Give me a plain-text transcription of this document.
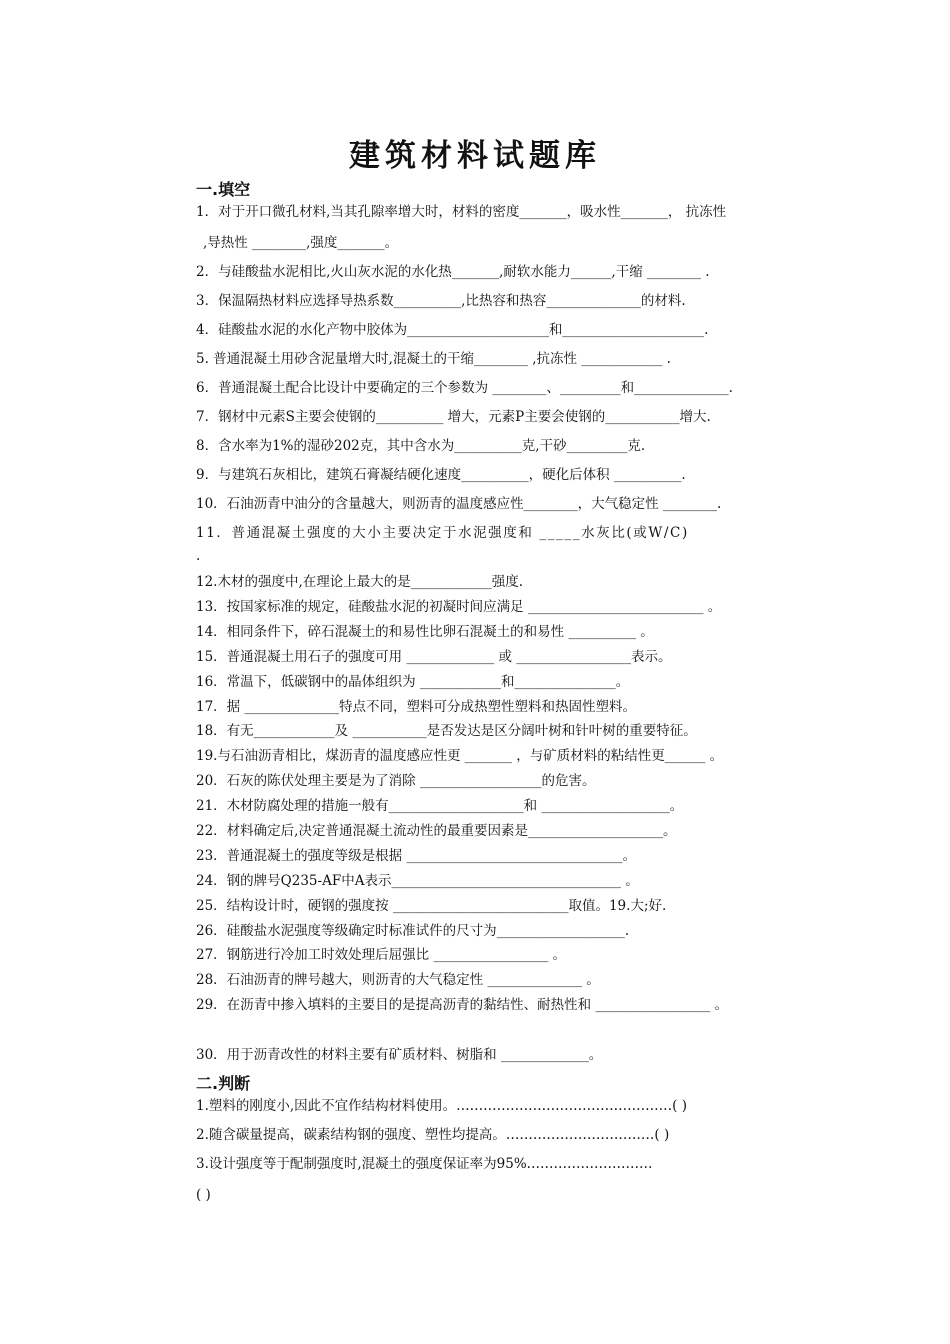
建筑材料试题库
一.填空
1．对于开口微孔材料,当其孔隙率增大时，材料的密度_______，吸水性_______， 抗冻性
,导热性 ________,强度_______。
2．与硅酸盐水泥相比,火山灰水泥的水化热_______,耐软水能力______,干缩 ________ .
3．保温隔热材料应选择导热系数__________,比热容和热容______________的材料.
4．硅酸盐水泥的水化产物中胶体为_____________________和_____________________.
5. 普通混凝土用砂含泥量增大时,混凝土的干缩________ ,抗冻性 ____________ .
6．普通混凝土配合比设计中要确定的三个参数为 ________、_________和______________.
7．钢材中元素S主要会使钢的__________ 增大，元素P主要会使钢的___________增大.
8．含水率为1%的湿砂202克，其中含水为__________克,干砂_________克.
9．与建筑石灰相比，建筑石膏凝结硬化速度__________，硬化后体积 __________.
10．石油沥青中油分的含量越大，则沥青的温度感应性________，大气稳定性 ________.
11．普通混凝土强度的大小主要决定于水泥强度和 _____水灰比(或W/C)
.
12.木材的强度中,在理论上最大的是____________强度.
13．按国家标准的规定，硅酸盐水泥的初凝时间应满足 __________________________ 。
14．相同条件下，碎石混凝土的和易性比卵石混凝土的和易性 __________ 。
15．普通混凝土用石子的强度可用 _____________ 或 _________________表示。
16．常温下，低碳钢中的晶体组织为 ____________和_______________。
17．据 ______________特点不同，塑料可分成热塑性塑料和热固性塑料。
18．有无____________及 ___________是否发达是区分阔叶树和针叶树的重要特征。
19.与石油沥青相比，煤沥青的温度感应性更 _______ ，与矿质材料的粘结性更______ 。
20．石灰的陈伏处理主要是为了消除 __________________的危害。
21．木材防腐处理的措施一般有____________________和 ___________________。
22．材料确定后,决定普通混凝土流动性的最重要因素是____________________。
23．普通混凝土的强度等级是根据 ________________________________。
24．钢的牌号Q235-AF中A表示__________________________________ 。
25．结构设计时，硬钢的强度按 __________________________取值。19.大;好.
26．硅酸盐水泥强度等级确定时标准试件的尺寸为___________________.
27．钢筋进行冷加工时效处理后屈强比 _________________ 。
28．石油沥青的牌号越大，则沥青的大气稳定性 ______________ 。
29．在沥青中掺入填料的主要目的是提高沥青的黏结性、耐热性和 _________________ 。
30．用于沥青改性的材料主要有矿质材料、树脂和 _____________。
二.判断
1.塑料的刚度小,因此不宜作结构材料使用。…………………………………………( )
2.随含碳量提高，碳素结构钢的强度、塑性均提高。……………………………( )
3.设计强度等于配制强度时,混凝土的强度保证率为95%.………………………
( )
